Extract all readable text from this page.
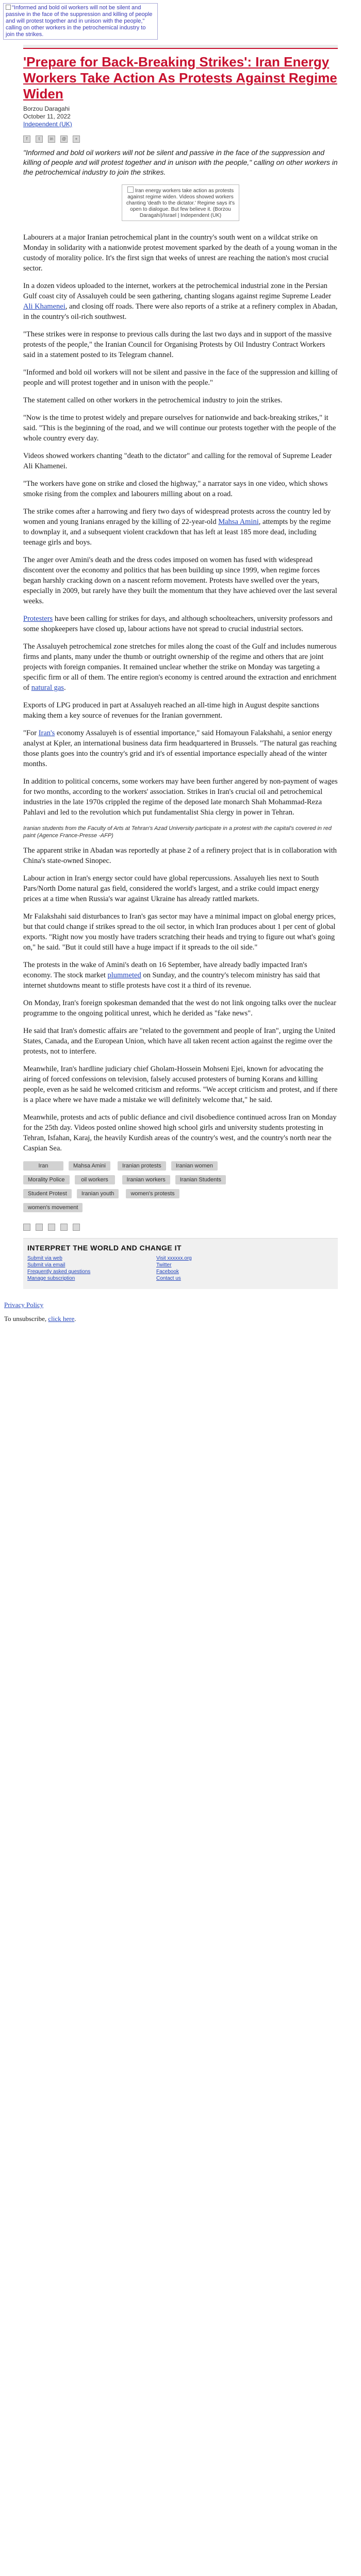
"Informed and bold oil workers will not be silent and passive in the face of the suppression and killing of people and will protest together and in unison with the people," calling on other workers in the petrochemical industry to join the strikes.
'Prepare for Back-Breaking Strikes': Iran Energy Workers Take Action As Protests Against Regime Widen
Borzou Daragahi
October 11, 2022
Independent (UK)
f	t in @ +

"Informed and bold oil workers will not be silent and passive in the face of the suppression and killing of people and will protest together and in unison with the people," calling on other workers in the petrochemical industry to join the strikes.

Iran energy workers take action as protests against regime widen. Videos showed workers chanting 'death to the dictator.' Regime says it's open to dialogue. But few believe it. (Borzou Daragahi)/Israel | Independent (UK)

Labourers at a major Iranian petrochemical plant in the country's south went on a wildcat strike on Monday in solidarity with a nationwide protest movement sparked by the death of a young woman in the custody of morality police. It's the first sign that weeks of unrest are reaching the nation's most crucial sector.

In a dozen videos uploaded to the internet, workers at the petrochemical industrial zone in the Persian Gulf coast city of Assaluyeh could be seen gathering, chanting slogans against regime Supreme Leader Ali Khamenei, and closing off roads. There were also reports of a strike at a refinery complex in Abadan, in the country's oil-rich southwest.

"These strikes were in response to previous calls during the last two days and in support of the massive protests of the people," the Iranian Council for Organising Protests by Oil Industry Contract Workers said in a statement posted to its Telegram channel.

"Informed and bold oil workers will not be silent and passive in the face of the suppression and killing of people and will protest together and in unison with the people."

The statement called on other workers in the petrochemical industry to join the strikes.

"Now is the time to protest widely and prepare ourselves for nationwide and back-breaking strikes," it said. "This is the beginning of the road, and we will continue our protests together with the people of the whole country every day.

Videos showed workers chanting "death to the dictator" and calling for the removal of Supreme Leader Ali Khamenei.

"The workers have gone on strike and closed the highway," a narrator says in one video, which shows smoke rising from the complex and labourers milling about on a road.

The strike comes after a harrowing and fiery two days of widespread protests across the country led by women and young Iranians enraged by the killing of 22-year-old Mahsa Amini, attempts by the regime to downplay it, and a subsequent violent crackdown that has left at least 185 more dead, including teenage girls and boys.

The anger over Amini's death and the dress codes imposed on women has fused with widespread discontent over the economy and politics that has been building up since 1999, when regime forces began harshly cracking down on a nascent reform movement. Protests have swelled over the years, especially in 2009, but rarely have they built the momentum that they have achieved over the last several weeks.

Protesters have been calling for strikes for days, and although schoolteachers, university professors and some shopkeepers have closed up, labour actions have not spread to crucial industrial sectors.

The Assaluyeh petrochemical zone stretches for miles along the coast of the Gulf and includes numerous firms and plants, many under the thumb or outright ownership of the regime and others that are joint projects with foreign companies. It remained unclear whether the strike on Monday was targeting a specific firm or all of them. The entire region's economy is centred around the extraction and enrichment of natural gas.

Exports of LPG produced in part at Assaluyeh reached an all-time high in August despite sanctions making them a key source of revenues for the Iranian government.

"For Iran's economy Assaluyeh is of essential importance," said Homayoun Falakshahi, a senior energy analyst at Kpler, an international business data firm headquartered in Brussels. "The natural gas reaching those plants goes into the country's grid and it's of essential importance especially ahead of the winter months.

In addition to political concerns, some workers may have been further angered by non-payment of wages for two months, according to the workers' association. Strikes in Iran's crucial oil and petrochemical industries in the late 1970s crippled the regime of the deposed late monarch Shah Mohammad-Reza Pahlavi and led to the revolution which put fundamentalist Shia clergy in power in Tehran.

Iranian students from the Faculty of Arts at Tehran's Azad University participate in a protest with the capital's covered in red paint (Agence France-Presse -AFP)

The apparent strike in Abadan was reportedly at phase 2 of a refinery project that is in collaboration with China's state-owned Sinopec.

Labour action in Iran's energy sector could have global repercussions. Assaluyeh lies next to South Pars/North Dome natural gas field, considered the world's largest, and a strike could impact energy prices at a time when Russia's war against Ukraine has already rattled markets.

Mr Falakshahi said disturbances to Iran's gas sector may have a minimal impact on global energy prices, but that could change if strikes spread to the oil sector, in which Iran produces about 1 per cent of global exports. "Right now you mostly have traders scratching their heads and trying to figure out what's going on," he said. "But it could still have a huge impact if it spreads to the oil side."

The protests in the wake of Amini's death on 16 September, have already badly impacted Iran's economy. The stock market plummeted on Sunday, and the country's telecom ministry has said that internet shutdowns meant to stifle protests have cost it a third of its revenue.

On Monday, Iran's foreign spokesman demanded that the west do not link ongoing talks over the nuclear programme to the ongoing political unrest, which he derided as "fake news".

He said that Iran's domestic affairs are "related to the government and people of Iran", urging the United States, Canada, and the European Union, which have all taken recent action against the regime over the protests, not to interfere.

Meanwhile, Iran's hardline judiciary chief Gholam-Hossein Mohseni Ejei, known for advocating the airing of forced confessions on television, falsely accused protesters of burning Korans and killing people, even as he said he welcomed criticism and reforms. "We accept criticism and protest, and if there is a place where we have made a mistake we will definitely welcome that," he said.

Meanwhile, protests and acts of public defiance and civil disobedience continued across Iran on Monday for the 25th day. Videos posted online showed high school girls and university students protesting in Tehran, Isfahan, Karaj, the heavily Kurdish areas of the country's west, and the country's north near the Caspian Sea.

Iran	Mahsa Amini	Iranian protests	Iranian women Morality Police	oil workers	Iranian workers	Iranian Students Student Protest	Iranian youth	women's protestswomen's movement
INTERPRET THE WORLD AND CHANGE IT
Submit via web
Submit via email
Frequently asked questions
Manage subscription
Visit xxxxxx.org
Twitter
Facebook
Contact us
Privacy Policy
To unsubscribe, click here.
